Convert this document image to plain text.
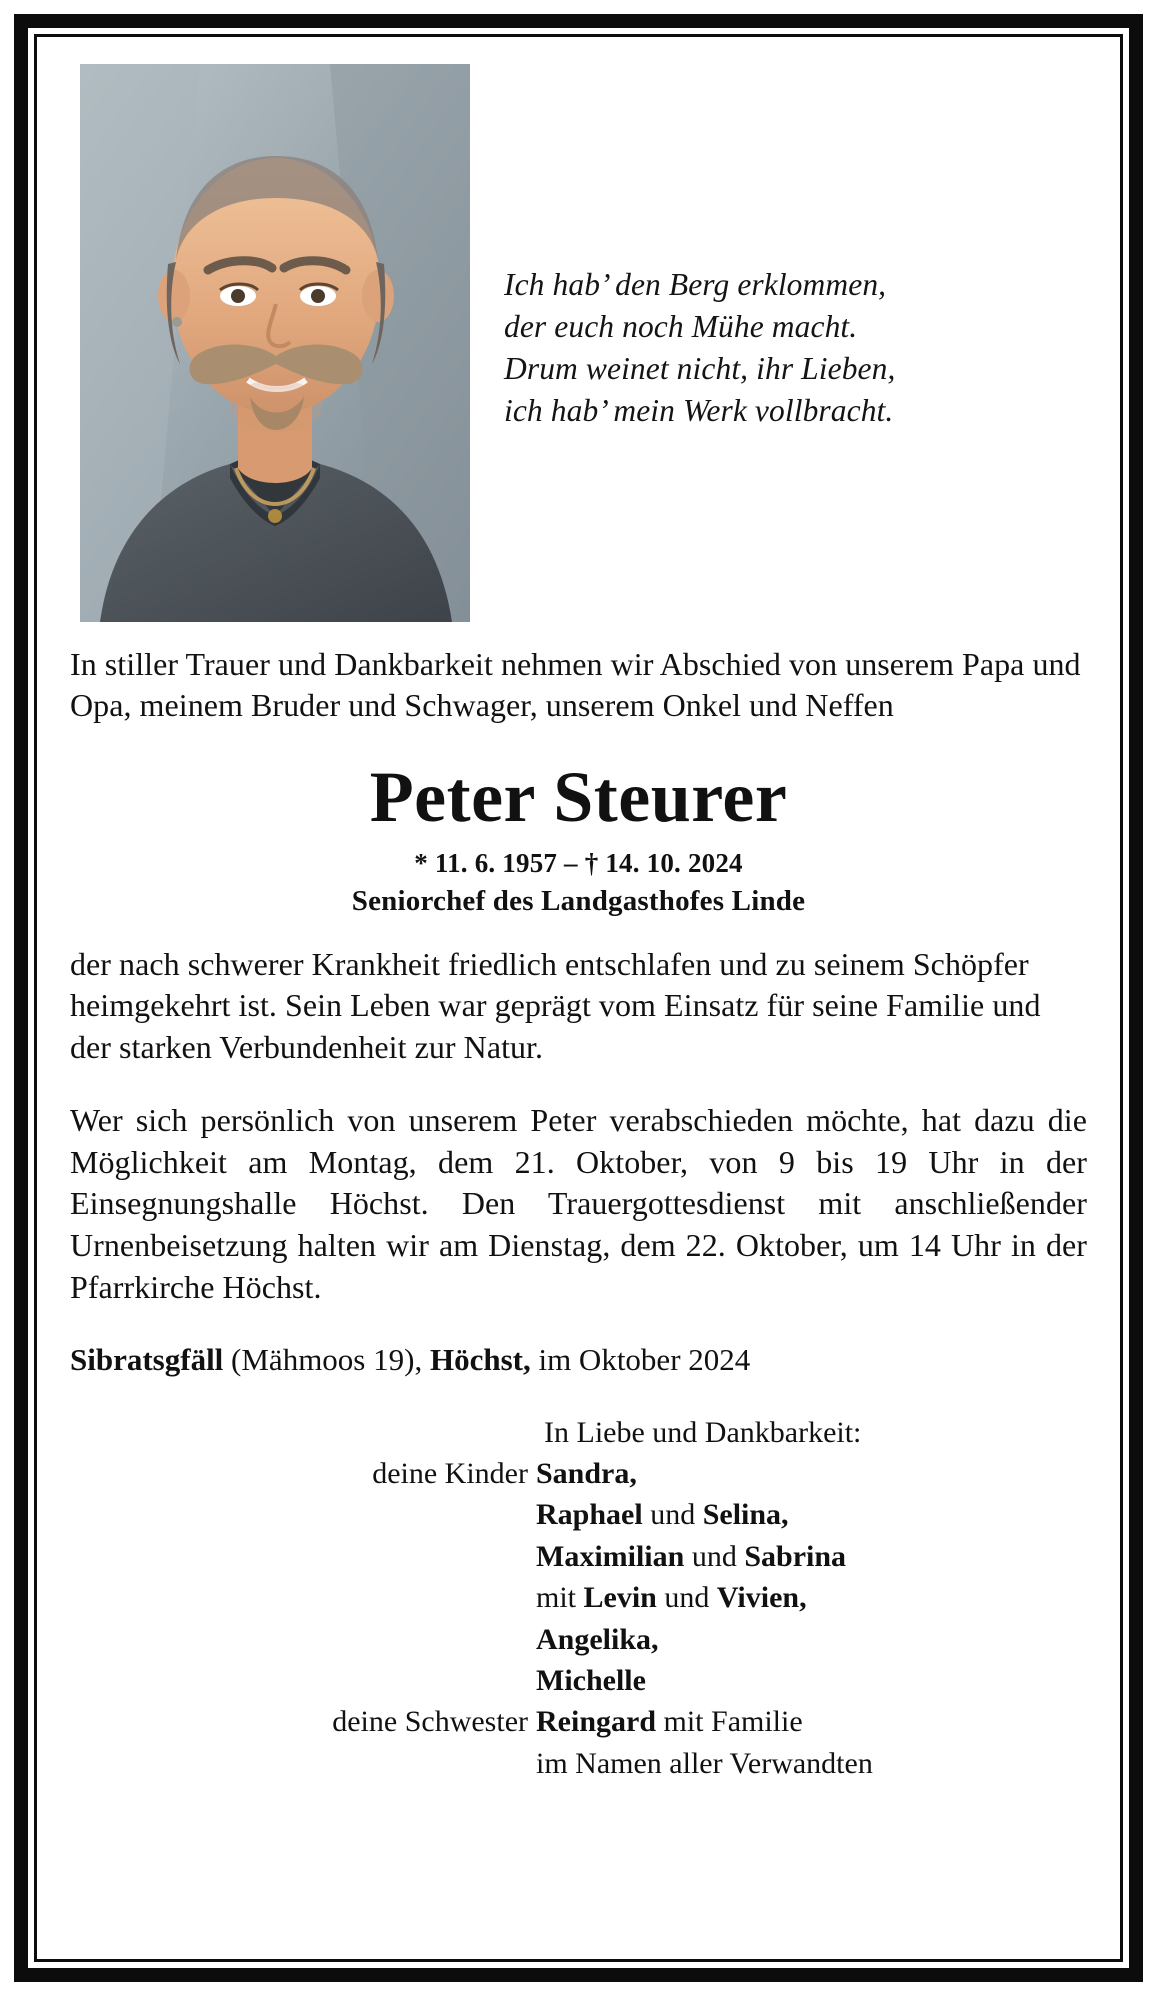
Ich hab’ den Berg erklommen,
der euch noch Mühe macht.
Drum weinet nicht, ihr Lieben,
ich hab’ mein Werk vollbracht.

In stiller Trauer und Dankbarkeit nehmen wir Abschied von unserem Papa und Opa, meinem Bruder und Schwager, unserem Onkel und Neffen

Peter Steurer
* 11. 6. 1957 – † 14. 10. 2024
Seniorchef des Landgasthofes Linde

der nach schwerer Krankheit friedlich entschlafen und zu seinem Schöpfer heimgekehrt ist. Sein Leben war geprägt vom Einsatz für seine Familie und der starken Verbundenheit zur Natur.

Wer sich persönlich von unserem Peter verabschieden möchte, hat dazu die Möglichkeit am Montag, dem 21. Oktober, von 9 bis 19 Uhr in der Einsegnungshalle Höchst. Den Trauergottesdienst mit anschließender Urnenbeisetzung halten wir am Dienstag, dem 22. Oktober, um 14 Uhr in der Pfarrkirche Höchst.

Sibratsgfäll (Mähmoos 19), Höchst, im Oktober 2024

In Liebe und Dankbarkeit:
deine Kinder Sandra,
Raphael und Selina,
Maximilian und Sabrina
mit Levin und Vivien,
Angelika,
Michelle
deine Schwester Reingard mit Familie
im Namen aller Verwandten
